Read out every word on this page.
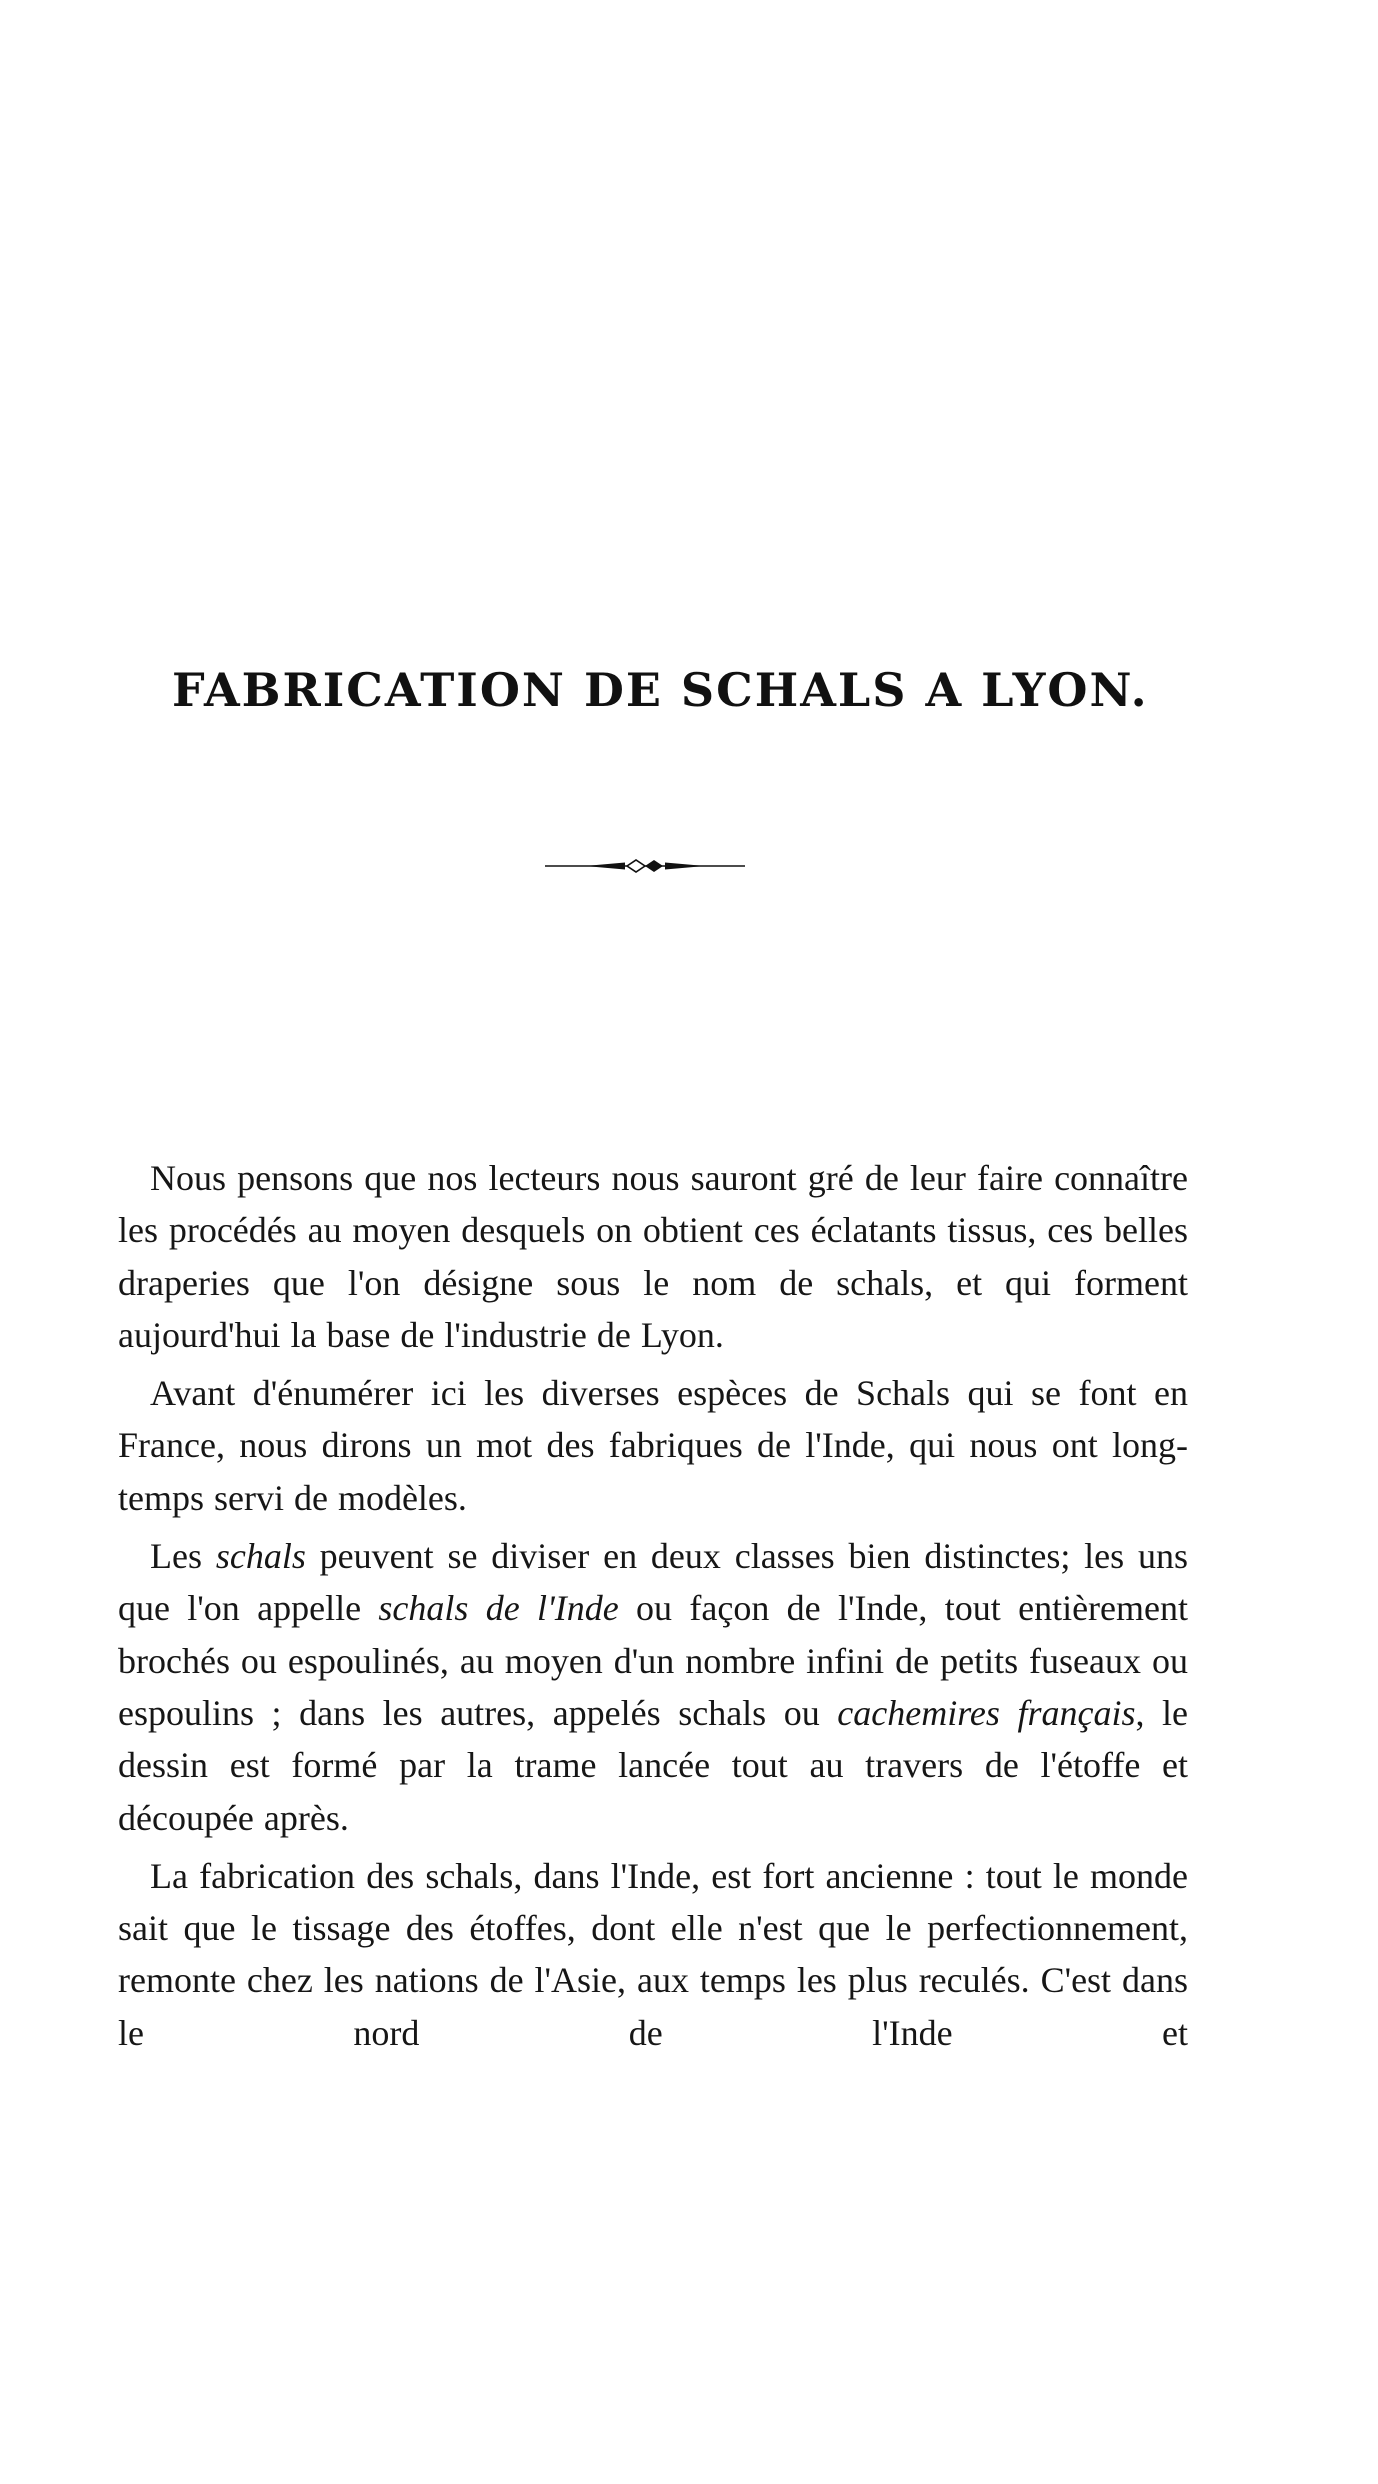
FABRICATION DE SCHALS A LYON.

Nous pensons que nos lecteurs nous sauront gré de leur faire connaître les procédés au moyen desquels on obtient ces éclatants tissus, ces belles draperies que l'on désigne sous le nom de schals, et qui forment aujourd'hui la base de l'industrie de Lyon.

Avant d'énumérer ici les diverses espèces de Schals qui se font en France, nous dirons un mot des fabriques de l'Inde, qui nous ont long-temps servi de modèles.

Les schals peuvent se diviser en deux classes bien distinctes; les uns que l'on appelle schals de l'Inde ou façon de l'Inde, tout entièrement brochés ou espoulinés, au moyen d'un nombre infini de petits fuseaux ou espoulins ; dans les autres, appelés schals ou cachemires français, le dessin est formé par la trame lancée tout au travers de l'étoffe et découpée après.

La fabrication des schals, dans l'Inde, est fort ancienne : tout le monde sait que le tissage des étoffes, dont elle n'est que le perfectionnement, remonte chez les nations de l'Asie, aux temps les plus reculés. C'est dans le nord de l'Inde et
